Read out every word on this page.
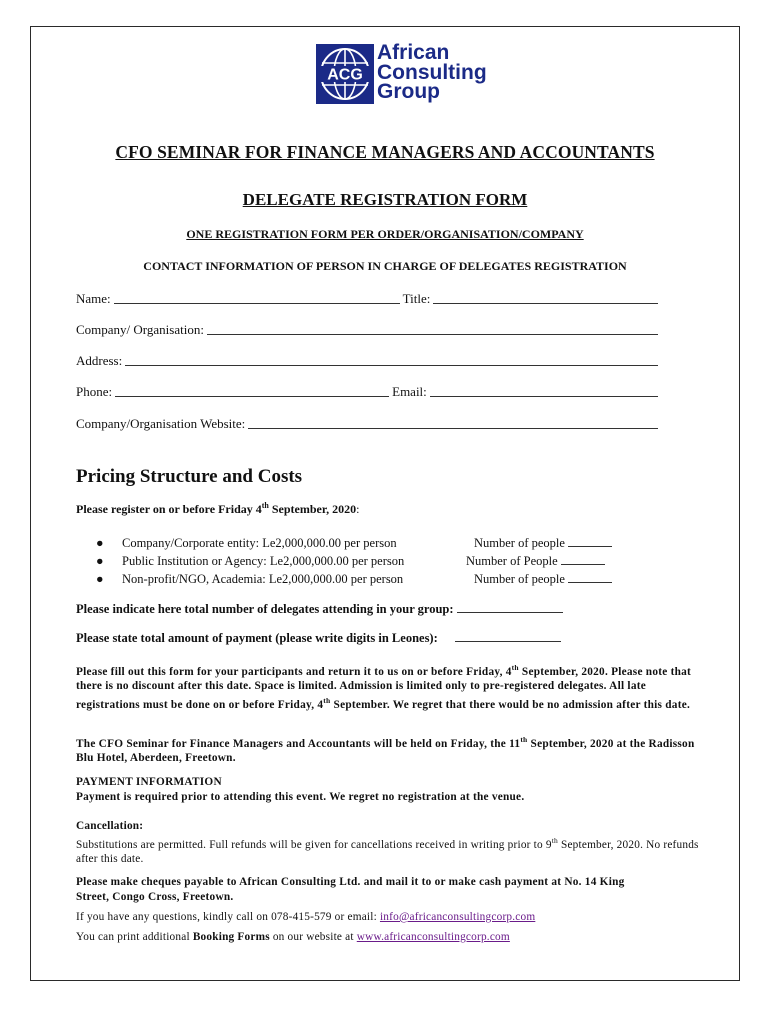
ACG
African
Consulting
Group
CFO SEMINAR FOR FINANCE MANAGERS AND ACCOUNTANTS
DELEGATE REGISTRATION FORM
ONE REGISTRATION FORM PER ORDER/ORGANISATION/COMPANY
CONTACT INFORMATION OF PERSON IN CHARGE OF DELEGATES REGISTRATION
Name:	Title:
Company/ Organisation:
Address:
Phone:	Email:
Company/Organisation Website:
Pricing Structure and Costs
Please register on or before Friday 4th September, 2020:
●	Company/Corporate entity: Le2,000,000.00 per person	Number of people
●	Public Institution or Agency: Le2,000,000.00 per person	Number of People
●	Non-profit/NGO, Academia: Le2,000,000.00 per person	Number of people
Please indicate here total number of delegates attending in your group:
Please state total amount of payment (please write digits in Leones):
Please fill out this form for your participants and return it to us on or before Friday, 4th September, 2020. Please note that there is no discount after this date. Space is limited. Admission is limited only to pre-registered delegates. All late registrations must be done on or before Friday, 4th September. We regret that there would be no admission after this date.
The CFO Seminar for Finance Managers and Accountants will be held on Friday, the 11th September, 2020 at the Radisson Blu Hotel, Aberdeen, Freetown.
PAYMENT INFORMATION
Payment is required prior to attending this event. We regret no registration at the venue.
Cancellation:
Substitutions are permitted. Full refunds will be given for cancellations received in writing prior to 9th September, 2020. No refunds after this date.
Please make cheques payable to African Consulting Ltd. and mail it to or make cash payment at No. 14 King Street, Congo Cross, Freetown.
If you have any questions, kindly call on 078-415-579 or email: info@africanconsultingcorp.com
You can print additional Booking Forms on our website at www.africanconsultingcorp.com
